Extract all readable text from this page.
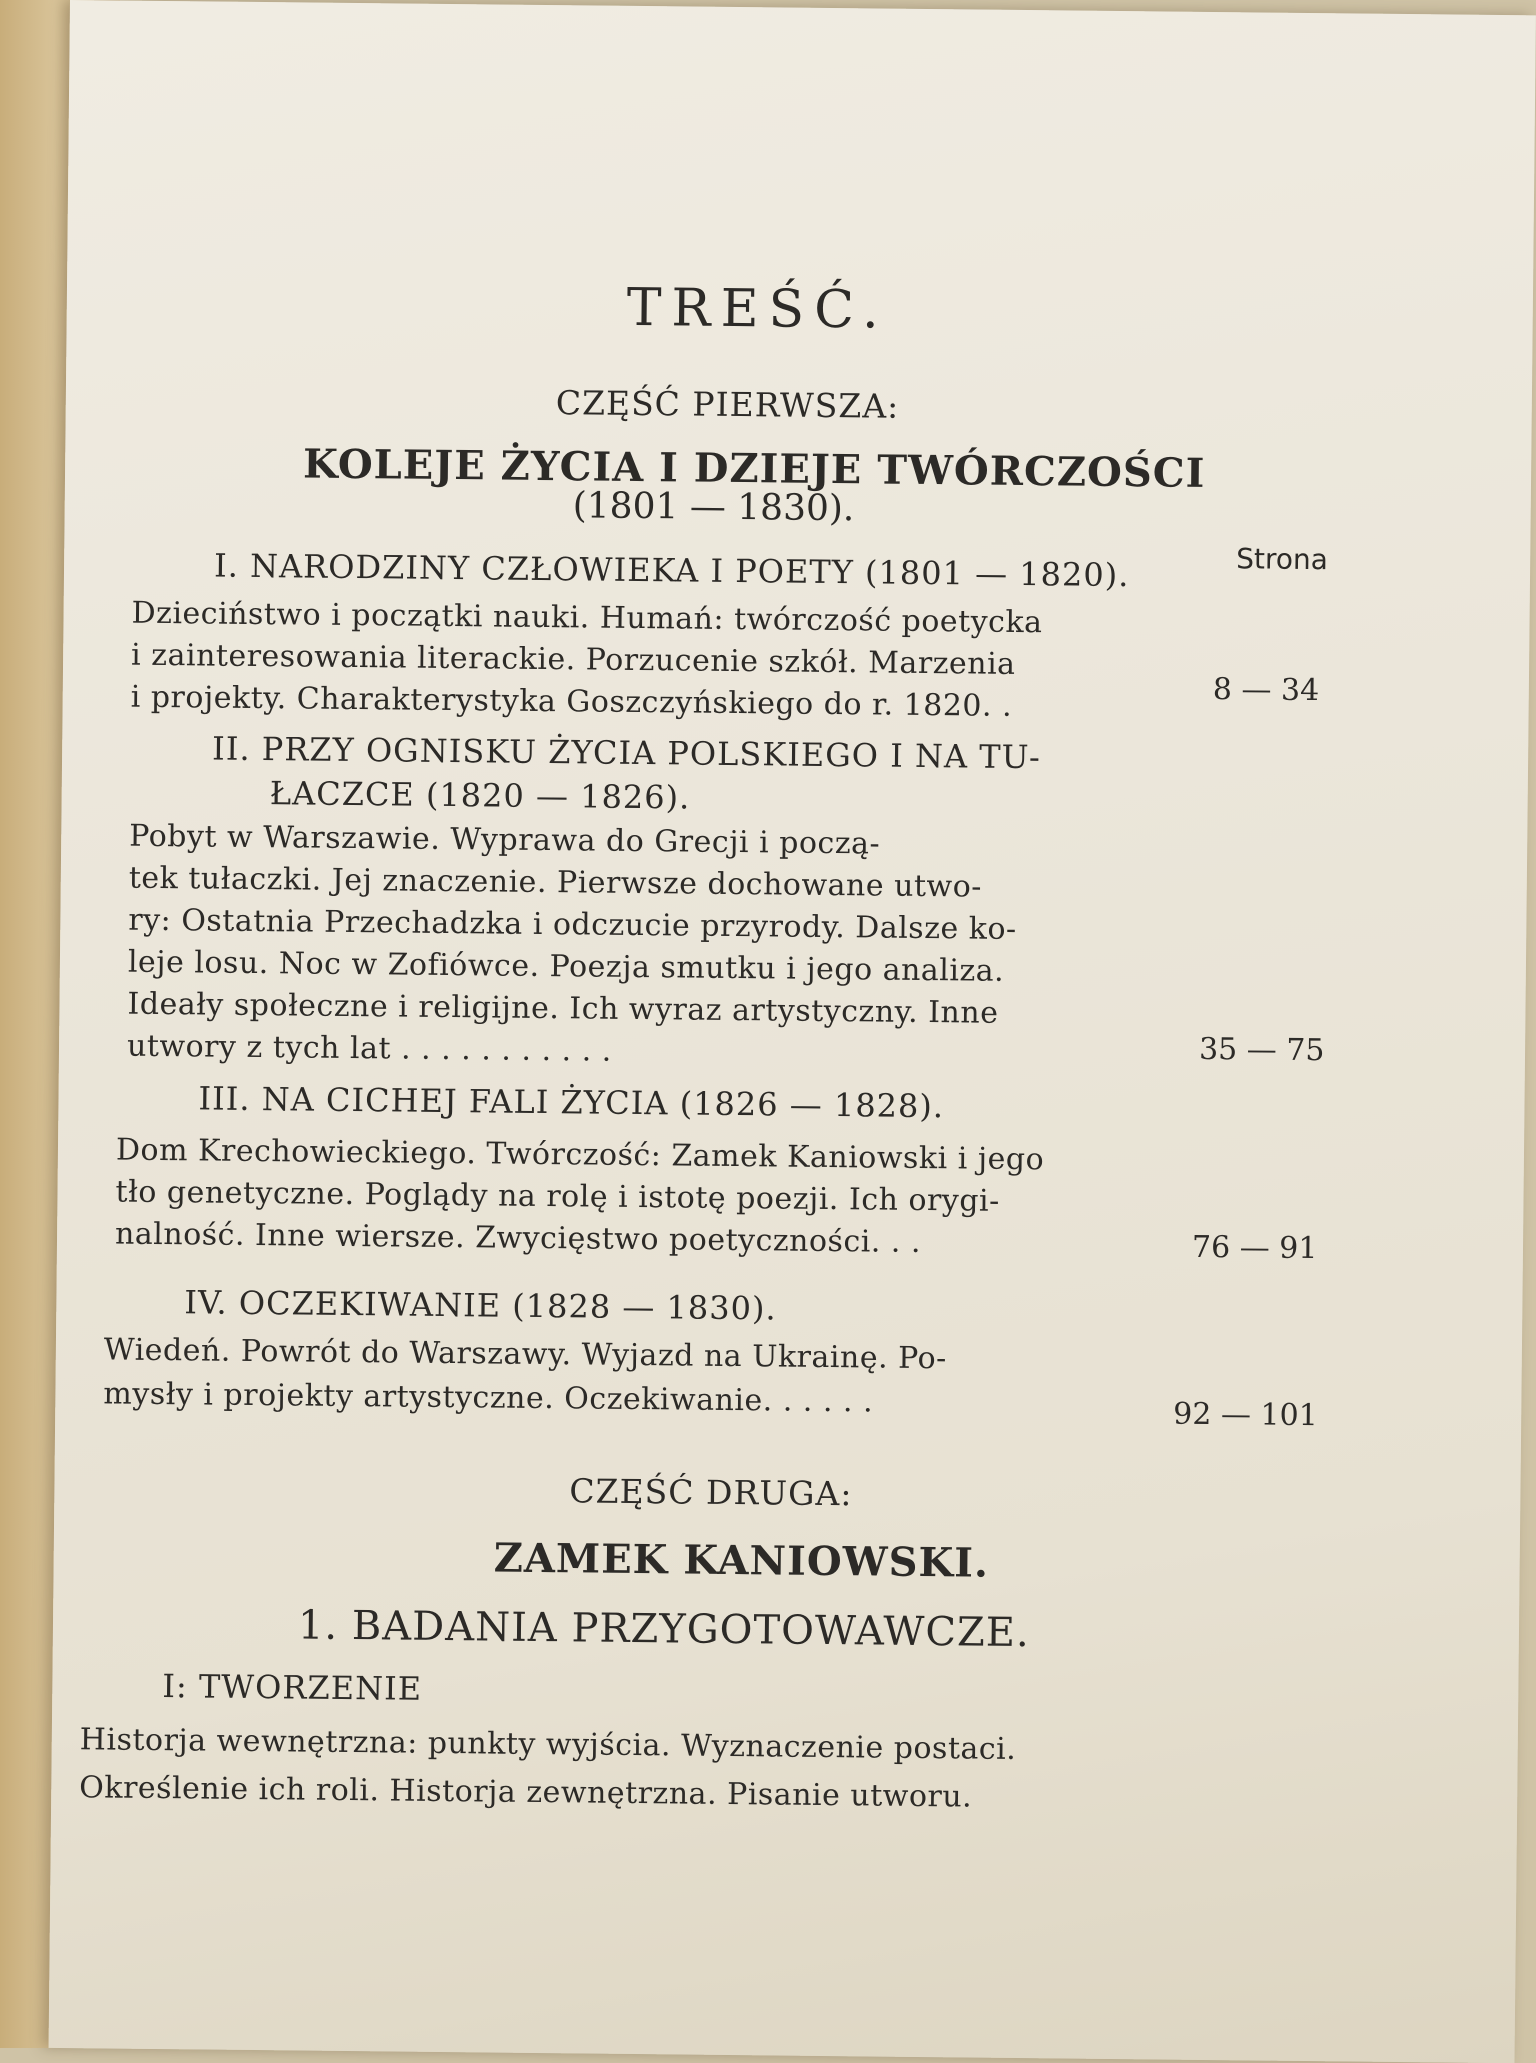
TREŚĆ.
CZĘŚĆ PIERWSZA:
KOLEJE ŻYCIA I DZIEJE TWÓRCZOŚCI
(1801 — 1830).
Strona
I. NARODZINY CZŁOWIEKA I POETY (1801 — 1820).
Dzieciństwo i początki nauki. Humań: twórczość poetycka
i zainteresowania literackie. Porzucenie szkół. Marzenia
i projekty. Charakterystyka Goszczyńskiego do r. 1820. .	8 — 34
II. PRZY OGNISKU ŻYCIA POLSKIEGO I NA TU-
ŁACZCE (1820 — 1826).
Pobyt w Warszawie. Wyprawa do Grecji i począ-
tek tułaczki. Jej znaczenie. Pierwsze dochowane utwo-
ry: Ostatnia Przechadzka i odczucie przyrody. Dalsze ko-
leje losu. Noc w Zofiówce. Poezja smutku i jego analiza.
Ideały społeczne i religijne. Ich wyraz artystyczny. Inne
utwory z tych lat . . . . . . . . . . .	35 — 75
III. NA CICHEJ FALI ŻYCIA (1826 — 1828).
Dom Krechowieckiego. Twórczość: Zamek Kaniowski i jego
tło genetyczne. Poglądy na rolę i istotę poezji. Ich orygi-
nalność. Inne wiersze. Zwycięstwo poetyczności. . .	76 — 91
IV. OCZEKIWANIE (1828 — 1830).
Wiedeń. Powrót do Warszawy. Wyjazd na Ukrainę. Po-
mysły i projekty artystyczne. Oczekiwanie. . . . . .	92 — 101
CZĘŚĆ DRUGA:
ZAMEK KANIOWSKI.
1. BADANIA PRZYGOTOWAWCZE.
I: TWORZENIE
Historja wewnętrzna: punkty wyjścia. Wyznaczenie postaci.
Określenie ich roli. Historja zewnętrzna. Pisanie utworu.
